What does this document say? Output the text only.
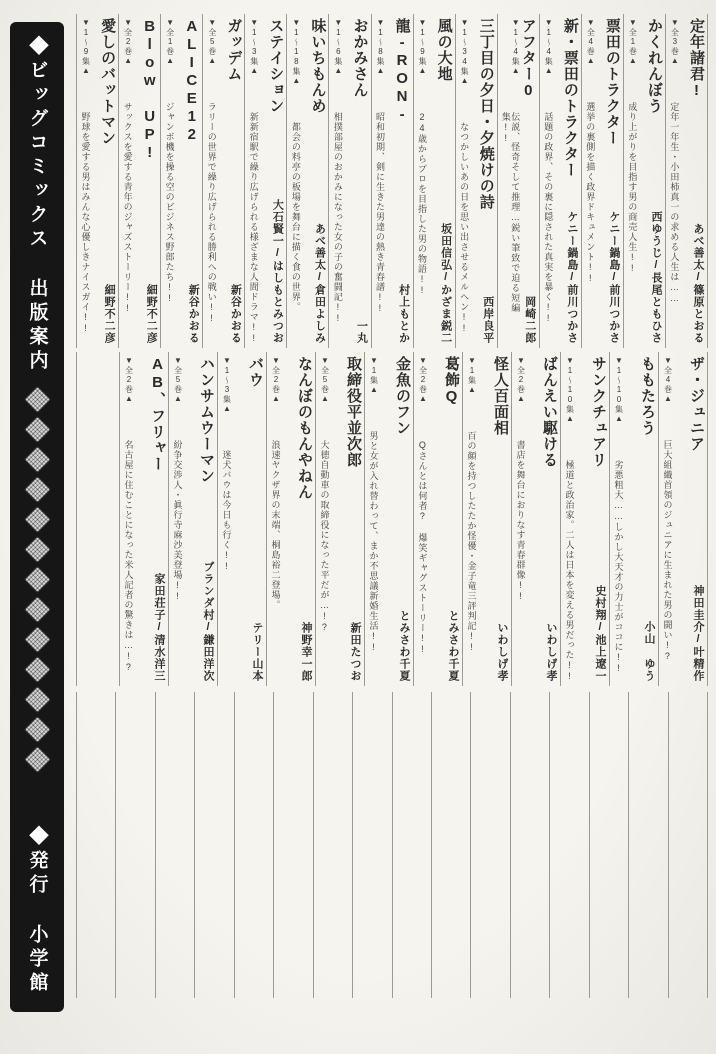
◆ビッグコミックス 出版案内
◆発行 小学館
定年諸君!
あべ善太/篠原とおる
▼全3巻▲
定年一年生・小田柿真一の求める人生は……
かくれんぼう
西ゆうじ/長尾ともひさ
▼全1巻▲
成り上がりを目指す男の商売人生!!
票田のトラクター
ケニー鍋島/前川つかさ
▼全4巻▲
選挙の裏側を描く政界ドキュメント!!
新・票田のトラクター
ケニー鍋島/前川つかさ
▼1〜4集▲
話題の政界、その裏に隠された真実を暴く!!
アフター0
岡崎二郎
▼1〜4集▲
伝説、怪奇そして推理…鋭い筆致で迫る短編集!!
三丁目の夕日・夕焼けの詩
西岸良平
▼1〜34集▲
なつかしいあの日を思い出させるメルヘン!!
風の大地
坂田信弘/かざま鋭二
▼1〜9集▲
24歳からプロを目指した男の物語!!
龍-RON-
村上もとか
▼1〜8集▲
昭和初期、剣に生きた男達の熱き青春譜!!
おかみさん
一丸
▼1〜6集▲
相撲部屋のおかみになった女の子の奮闘記!!
味いちもんめ
あべ善太/倉田よしみ
▼1〜18集▲
都会の料亭の板場を舞台に描く食の世界。
ステイション
大石賢一/はしもとみつお
▼1〜3集▲
新新宿駅で繰り広げられる様ざまな人間ドラマ!!
ガッデム
新谷かおる
▼全5巻▲
ラリーの世界で繰り広げられる勝利への戦い!!
ALICE12
新谷かおる
▼全1巻▲
ジャンボ機を操る空のビジネス野郎たち!!
Blow UP!
細野不二彦
▼全2巻▲
サックスを愛する青年のジャズストーリー!!
愛しのバットマン
細野不二彦
▼1〜9集▲
野球を愛する男はみんな心優しきナイスガイ!!
ザ・ジュニア
神田圭介/叶精作
▼全4巻▲
巨大組織首領のジュニアに生まれた男の闘い!?
ももたろう
小山 ゆう
▼1〜10集▲
劣悪粗大……しかし大天才の力士がココに!!
サンクチュアリ
史村翔/池上遼一
▼1〜10集▲
極道と政治家。二人は日本を変える男だった!!
ばんえい駆ける
いわしげ孝
▼全2巻▲
書店を舞台におりなす青春群像!!
怪人百面相
いわしげ孝
▼1集▲
百の顔を持つしたたか怪優・金子竜三評判記!!
葛飾Q
とみさわ千夏
▼全2巻▲
Qさんとは何者? 爆笑ギャグストーリー!!
金魚のフン
とみさわ千夏
▼1集▲
男と女が入れ替わって、まか不思議新婚生活!!
取締役平並次郎
新田たつお
▼全5巻▲
大徳自動車の取締役になった平だが…!?
なんぼのもんやねん
神野幸一郎
▼全2巻▲
浪速ヤクザ界の末端、桐島裕二登場。
バウ
テリー山本
▼1〜3集▲
迷犬バウは今日も行く!!
ハンサムウーマン
ブランダ村/鎌田洋次
▼全5巻▲
紛争交渉人・眞行寺麻沙美登場!!
AB、フリャー
家田荘子/清水洋三
▼全2巻▲
名古屋に住むことになった米人記者の驚きは…!?
